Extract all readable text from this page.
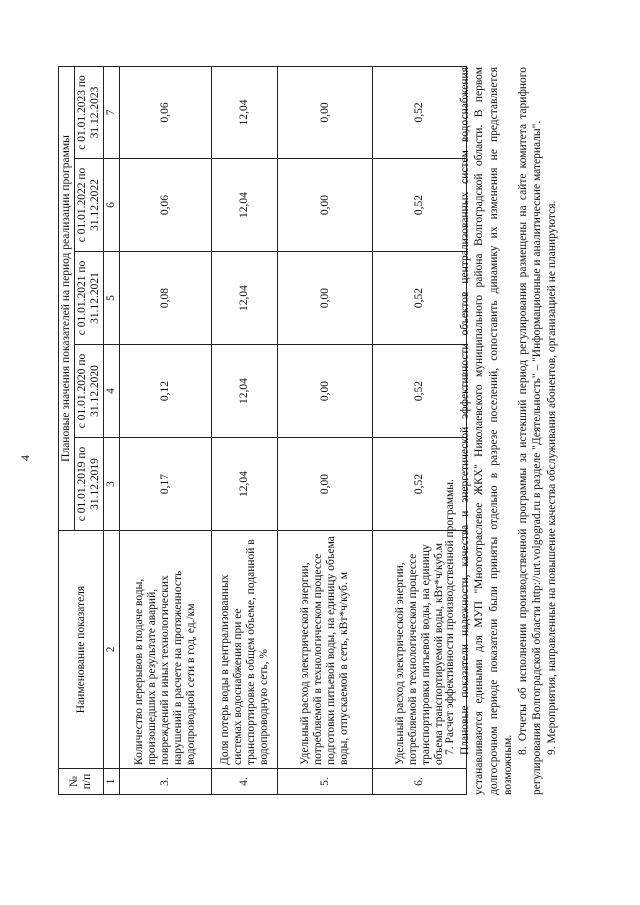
4
№ п/п	Наименование показателя	Плановые значения показателей на период реализации программы				
		с 01.01.2019 по 31.12.2019	с 01.01.2020 по 31.12.2020	с 01.01.2021 по 31.12.2021	с 01.01.2022 по 31.12.2022	с 01.01.2023 по 31.12.2023
1	2	3	4	5	6	7
3.	Количество перерывов в подаче воды, произошедших в результате аварий, повреждений и иных технологических нарушений в расчете на протяженность водопроводной сети в год, ед./км	0,17	0,12	0,08	0,06	0,06
4.	Доля потерь воды в централизованных системах водоснабжения при ее транспортировке в общем объеме, поданной в водопроводную сеть, %	12,04	12,04	12,04	12,04	12,04
5.	Удельный расход электрической энергии, потребляемой в технологическом процессе подготовки питьевой воды, на единицу объема воды, отпускаемой в сеть, кВт*ч/куб. м	0,00	0,00	0,00	0,00	0,00
6.	Удельный расход электрической энергии, потребляемой в технологическом процессе транспортировки питьевой воды, на единицу объема транспортируемой воды, кВт*ч/куб.м	0,52	0,52	0,52	0,52	0,52

7. Расчет эффективности производственной программы. Плановые показатели надежности, качества и энергетической эффективности объектов централизованных систем водоснабжения устанавливаются едиными для МУП "Многоотраслевое ЖКХ" Николаевского муниципального района Волгоградской области. В первом долгосрочном периоде показатели были приняты отдельно в разрезе поселений, сопоставить динамику их изменения не представляется возможным.

8. Отчеты об исполнении производственной программы за истекший период регулирования размещены на сайте комитета тарифного регулирования Волгоградской области http://urt.volgograd.ru в разделе "Деятельность" – "Информационные и аналитические материалы". 9. Мероприятия, направленные на повышение качества обслуживания абонентов, организацией не планируются.
